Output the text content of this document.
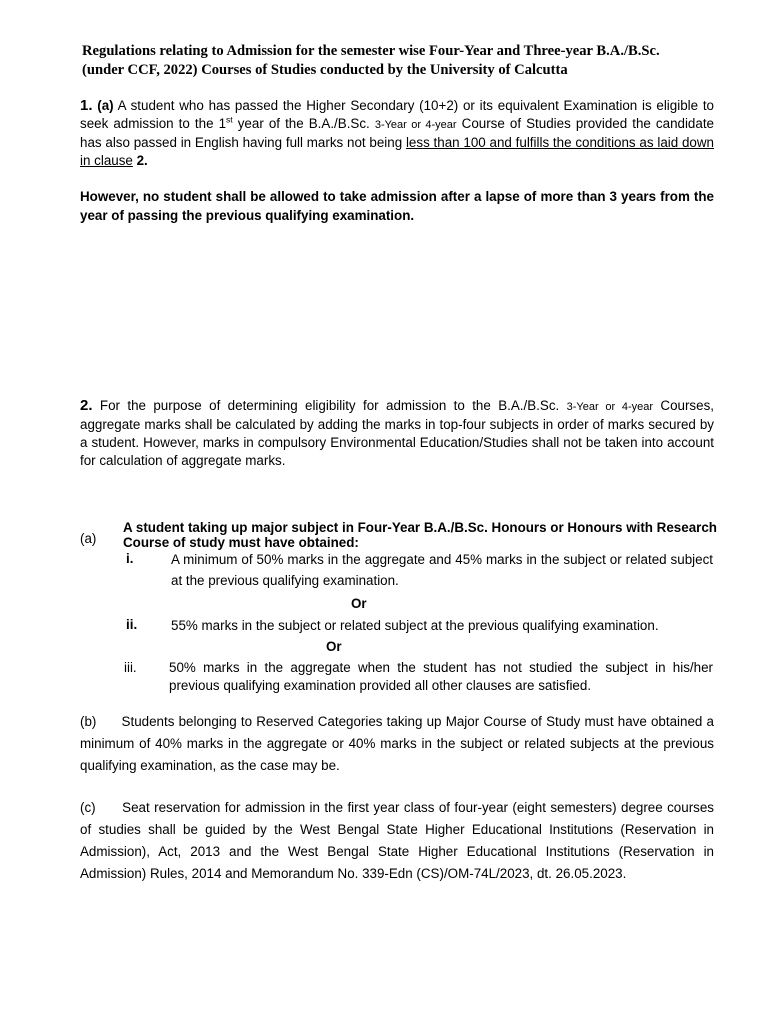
Regulations relating to Admission for the semester wise Four-Year and Three-year B.A./B.Sc.
(under CCF, 2022) Courses of Studies conducted by the University of Calcutta
1. (a) A student who has passed the Higher Secondary (10+2) or its equivalent Examination is eligible to seek admission to the 1st year of the B.A./B.Sc. 3-Year or 4-year Course of Studies provided the candidate has also passed in English having full marks not being less than 100 and fulfills the conditions as laid down in clause 2.
However, no student shall be allowed to take admission after a lapse of more than 3 years from the year of passing the previous qualifying examination.
2. For the purpose of determining eligibility for admission to the B.A./B.Sc. 3-Year or 4-year Courses, aggregate marks shall be calculated by adding the marks in top-four subjects in order of marks secured by a student. However, marks in compulsory Environmental Education/Studies shall not be taken into account for calculation of aggregate marks.
(a)
A student taking up major subject in Four-Year B.A./B.Sc. Honours or Honours with Research Course of study must have obtained:
i.	A minimum of 50% marks in the aggregate and 45% marks in the subject or related subject at the previous qualifying examination.
Or
ii.	55% marks in the subject or related subject at the previous qualifying examination.
Or
iii. 50% marks in the aggregate when the student has not studied the subject in his/her previous qualifying examination provided all other clauses are satisfied.
(b) Students belonging to Reserved Categories taking up Major Course of Study must have obtained a minimum of 40% marks in the aggregate or 40% marks in the subject or related subjects at the previous qualifying examination, as the case may be.
(c) Seat reservation for admission in the first year class of four-year (eight semesters) degree courses of studies shall be guided by the West Bengal State Higher Educational Institutions (Reservation in Admission), Act, 2013 and the West Bengal State Higher Educational Institutions (Reservation in Admission) Rules, 2014 and Memorandum No. 339-Edn (CS)/OM-74L/2023, dt. 26.05.2023.
